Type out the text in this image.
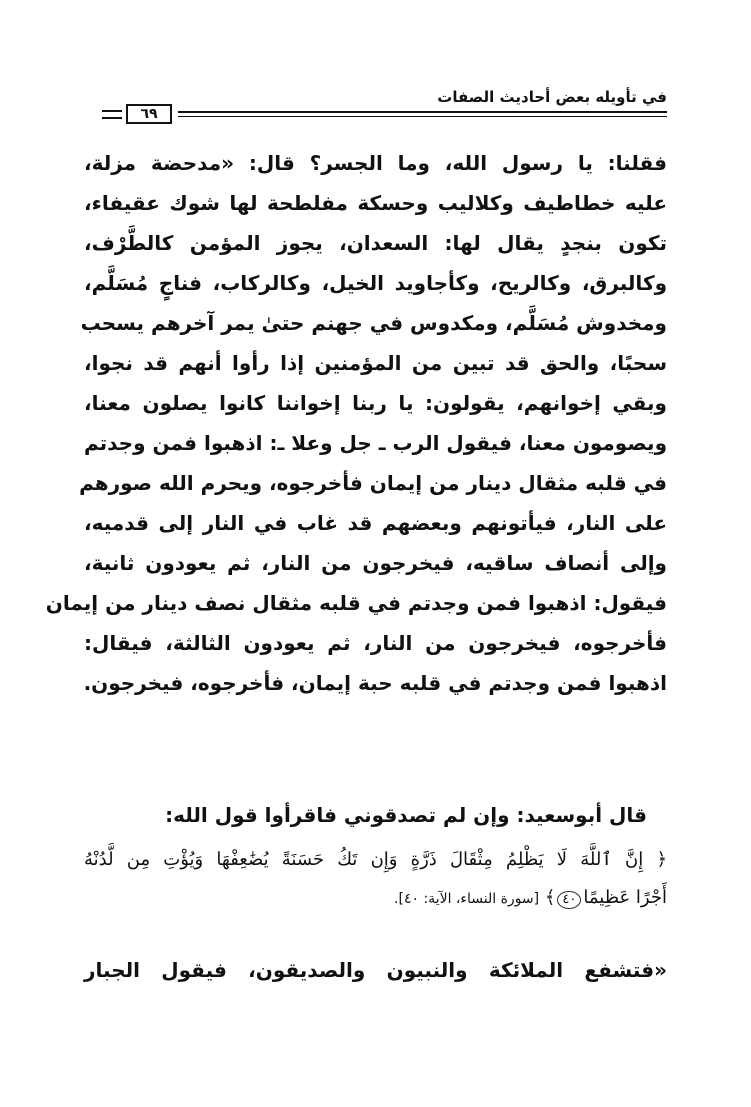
في تأويله بعض أحاديث الصفات
٦٩
فقلنا: يا رسول الله، وما الجسر؟ قال: «مدحضة مزلة،
عليه خطاطيف وكلاليب وحسكة مفلطحة لها شوك عقيفاء،
تكون بنجدٍ يقال لها: السعدان، يجوز المؤمن كالطَّرْف،
وكالبرق، وكالريح، وكأجاويد الخيل، وكالركاب، فناجٍ مُسَلَّم،
ومخدوش مُسَلَّم، ومكدوس في جهنم حتىٰ يمر آخرهم يسحب
سحبًا، والحق قد تبين من المؤمنين إذا رأوا أنهم قد نجوا،
وبقي إخوانهم، يقولون: يا ربنا إخواننا كانوا يصلون معنا،
ويصومون معنا، فيقول الرب ـ جل وعلا ـ: اذهبوا فمن وجدتم
في قلبه مثقال دينار من إيمان فأخرجوه، ويحرم الله صورهم
على النار، فيأتونهم وبعضهم قد غاب في النار إلى قدميه،
وإلى أنصاف ساقيه، فيخرجون من النار، ثم يعودون ثانية،
فيقول: اذهبوا فمن وجدتم في قلبه مثقال نصف دينار من إيمان
فأخرجوه، فيخرجون من النار، ثم يعودون الثالثة، فيقال:
اذهبوا فمن وجدتم في قلبه حبة إيمان، فأخرجوه، فيخرجون.
قال أبوسعيد: وإن لم تصدقوني فاقرأوا قول الله:
﴿ إِنَّ ٱللَّهَ لَا يَظْلِمُ مِثْقَالَ ذَرَّةٍ وَإِن تَكُ حَسَنَةً يُضَٰعِفْهَا وَيُؤْتِ مِن لَّدُنْهُ
أَجْرًا عَظِيمًا٤٠﴾ [سورة النساء، الآية: ٤٠].
«فتشفع الملائكة والنبيون والصديقون، فيقول الجبار
